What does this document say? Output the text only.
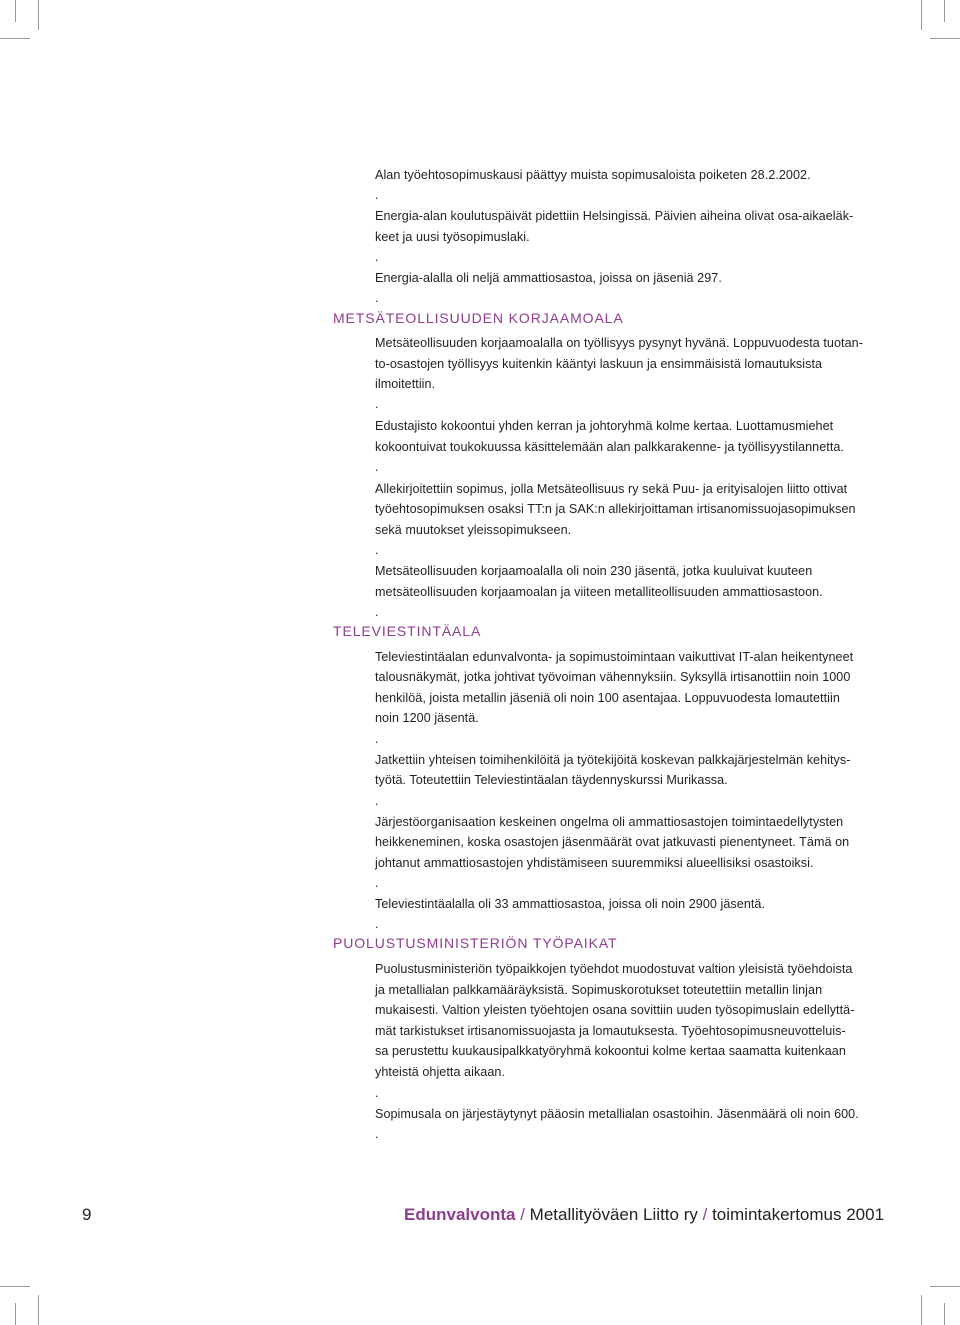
Alan työehtosopimuskausi päättyy muista sopimusaloista poiketen 28.2.2002.
.
Energia-alan koulutuspäivät pidettiin Helsingissä. Päivien aiheina olivat osa-aikaeläk-
keet ja uusi työsopimuslaki.
.
Energia-alalla oli neljä ammattiosastoa, joissa on jäseniä 297.
.
METSÄTEOLLISUUDEN KORJAAMOALA
Metsäteollisuuden korjaamoalalla on työllisyys pysynyt hyvänä. Loppuvuodesta tuotan-
to-osastojen työllisyys kuitenkin kääntyi laskuun ja ensimmäisistä lomautuksista
ilmoitettiin.
.
Edustajisto kokoontui yhden kerran ja johtoryhmä kolme kertaa. Luottamusmiehet
kokoontuivat toukokuussa käsittelemään alan palkkarakenne- ja työllisyystilannetta.
.
Allekirjoitettiin sopimus, jolla Metsäteollisuus ry sekä Puu- ja erityisalojen liitto ottivat
työehtosopimuksen osaksi TT:n ja SAK:n allekirjoittaman irtisanomissuojasopimuksen
sekä muutokset yleissopimukseen.
.
Metsäteollisuuden korjaamoalalla oli noin 230 jäsentä, jotka kuuluivat kuuteen
metsäteollisuuden korjaamoalan ja viiteen metalliteollisuuden ammattiosastoon.
.
TELEVIESTINTÄALA
Televiestintäalan edunvalvonta- ja sopimustoimintaan vaikuttivat IT-alan heikentyneet
talousnäkymät, jotka johtivat työvoiman vähennyksiin. Syksyllä irtisanottiin noin 1000
henkilöä, joista metallin jäseniä oli noin 100 asentajaa. Loppuvuodesta lomautettiin
noin 1200 jäsentä.
.
Jatkettiin yhteisen toimihenkilöitä ja työtekijöitä koskevan palkkajärjestelmän kehitys-
työtä. Toteutettiin Televiestintäalan täydennyskurssi Murikassa.
.
Järjestöorganisaation keskeinen ongelma oli ammattiosastojen toimintaedellytysten
heikkeneminen, koska osastojen jäsenmäärät ovat jatkuvasti pienentyneet. Tämä on
johtanut ammattiosastojen yhdistämiseen suuremmiksi alueellisiksi osastoiksi.
.
Televiestintäalalla oli 33 ammattiosastoa, joissa oli noin 2900 jäsentä.
.
PUOLUSTUSMINISTERIÖN TYÖPAIKAT
Puolustusministeriön työpaikkojen työehdot muodostuvat valtion yleisistä työehdoista
ja metallialan palkkamääräyksistä. Sopimuskorotukset toteutettiin metallin linjan
mukaisesti. Valtion yleisten työehtojen osana sovittiin uuden työsopimuslain edellyttä-
mät tarkistukset irtisanomissuojasta ja lomautuksesta. Työehtosopimusneuvotteluis-
sa perustettu kuukausipalkkatyöryhmä kokoontui kolme kertaa saamatta kuitenkaan
yhteistä ohjetta aikaan.
.
Sopimusala on järjestäytynyt pääosin metallialan osastoihin. Jäsenmäärä oli noin 600.
.
9	Edunvalvonta / Metallityöväen Liitto ry / toimintakertomus 2001
